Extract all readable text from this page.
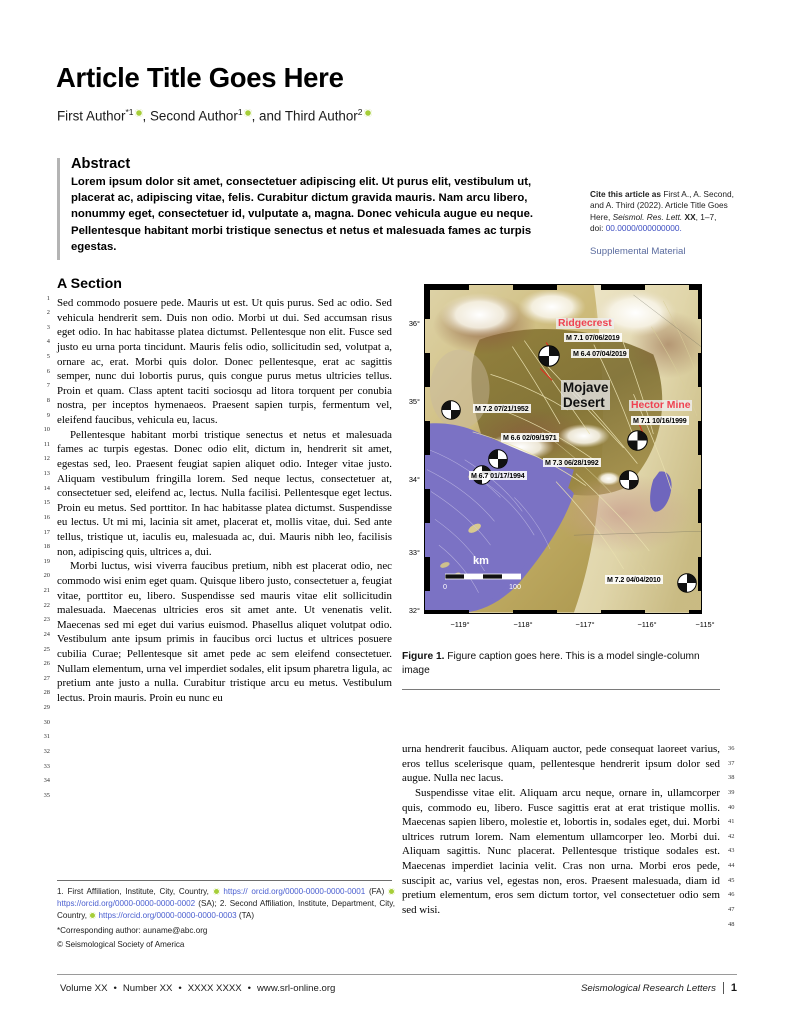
Article Title Goes Here
First Author$^{*1}$ , Second Author$^1$ , and Third Author$^2$
Abstract
Lorem ipsum dolor sit amet, consectetuer adipiscing elit. Ut purus elit, vestibulum ut, placerat ac, adipiscing vitae, felis. Curabitur dictum gravida mauris. Nam arcu libero, nonummy eget, consectetuer id, vulputate a, magna. Donec vehicula augue eu neque. Pellentesque habitant morbi tristique senectus et netus et malesuada fames ac turpis egestas.
Cite this article as First A., A. Second, and A. Third (2022). Article Title Goes Here, Seismol. Res. Lett. XX, 1–7,
doi: 00.0000/000000000.
Supplemental Material
1
2
3
4
5
6
7
8
9
10
11
12
13
14
15
16
17
18
19
20
21
22
23
24
25
26
27
28
29
30
31
32
33
34
35
A Section

Sed commodo posuere pede. Mauris ut est. Ut quis purus. Sed ac odio. Sed vehicula hendrerit sem. Duis non odio. Morbi ut dui. Sed accumsan risus eget odio. In hac habitasse platea dictumst. Pellentesque non elit. Fusce sed justo eu urna porta tincidunt. Mauris felis odio, sollicitudin sed, volutpat a, ornare ac, erat. Morbi quis dolor. Donec pellentesque, erat ac sagittis semper, nunc dui lobortis purus, quis congue purus metus ultricies tellus. Proin et quam. Class aptent taciti sociosqu ad litora torquent per conubia nostra, per inceptos hymenaeos. Praesent sapien turpis, fermentum vel, eleifend faucibus, vehicula eu, lacus.

Pellentesque habitant morbi tristique senectus et netus et malesuada fames ac turpis egestas. Donec odio elit, dictum in, hendrerit sit amet, egestas sed, leo. Praesent feugiat sapien aliquet odio. Integer vitae justo. Aliquam vestibulum fringilla lorem. Sed neque lectus, consectetuer at, consectetuer sed, eleifend ac, lectus. Nulla facilisi. Pellentesque eget lectus. Proin eu metus. Sed porttitor. In hac habitasse platea dictumst. Suspendisse eu lectus. Ut mi mi, lacinia sit amet, placerat et, mollis vitae, dui. Sed ante tellus, tristique ut, iaculis eu, malesuada ac, dui. Mauris nibh leo, facilisis non, adipiscing quis, ultrices a, dui.

Morbi luctus, wisi viverra faucibus pretium, nibh est placerat odio, nec commodo wisi enim eget quam. Quisque libero justo, consectetuer a, feugiat vitae, porttitor eu, libero. Suspendisse sed mauris vitae elit sollicitudin malesuada. Maecenas ultricies eros sit amet ante. Ut venenatis velit. Maecenas sed mi eget dui varius euismod. Phasellus aliquet volutpat odio. Vestibulum ante ipsum primis in faucibus orci luctus et ultrices posuere cubilia Curae; Pellentesque sit amet pede ac sem eleifend consectetuer. Nullam elementum, urna vel imperdiet sodales, elit ipsum pharetra ligula, ac pretium ante justo a nulla. Curabitur tristique arcu eu metus. Vestibulum lectus. Proin mauris. Proin eu nunc eu

36°
35°
34°
33°
32°
−119°	−118°	−117°	−116°	−115°
Ridgecrest
M 7.1 07/06/2019
M 6.4 07/04/2019
Mojave
Desert	Hector Mine
M 7.1 10/16/1999
M 7.2 07/21/1952
M 6.6 02/09/1971
M 7.3 06/28/1992
M 6.7 01/17/1994
M 7.2 04/04/2010
km
0	100
Figure 1. Figure caption goes here. This is a model single-column image
36
37
38
39
40
41
42
43
44
45
46
47
48

urna hendrerit faucibus. Aliquam auctor, pede consequat laoreet varius, eros tellus scelerisque quam, pellentesque hendrerit ipsum dolor sed augue. Nulla nec lacus.

Suspendisse vitae elit. Aliquam arcu neque, ornare in, ullamcorper quis, commodo eu, libero. Fusce sagittis erat at erat tristique mollis. Maecenas sapien libero, molestie et, lobortis in, sodales eget, dui. Morbi ultrices rutrum lorem. Nam elementum ullamcorper leo. Morbi dui. Aliquam sagittis. Nunc placerat. Pellentesque tristique sodales est. Maecenas imperdiet lacinia velit. Cras non urna. Morbi eros pede, suscipit ac, varius vel, egestas non, eros. Praesent malesuada, diam id pretium elementum, eros sem dictum tortor, vel consectetuer odio sem sed wisi.

1. First Affiliation, Institute, City, Country,  https:// orcid.org/0000-0000-0000-0001 (FA)  https://orcid.org/0000-0000-0000-0002 (SA); 2. Second Affiliation, Institute, Department, City, Country,  https://orcid.org/0000-0000-0000-0003 (TA)
*Corresponding author: auname@abc.org
© Seismological Society of America
Volume XX • Number XX • XXXX XXXX • www.srl-online.org	Seismological Research Letters	1
